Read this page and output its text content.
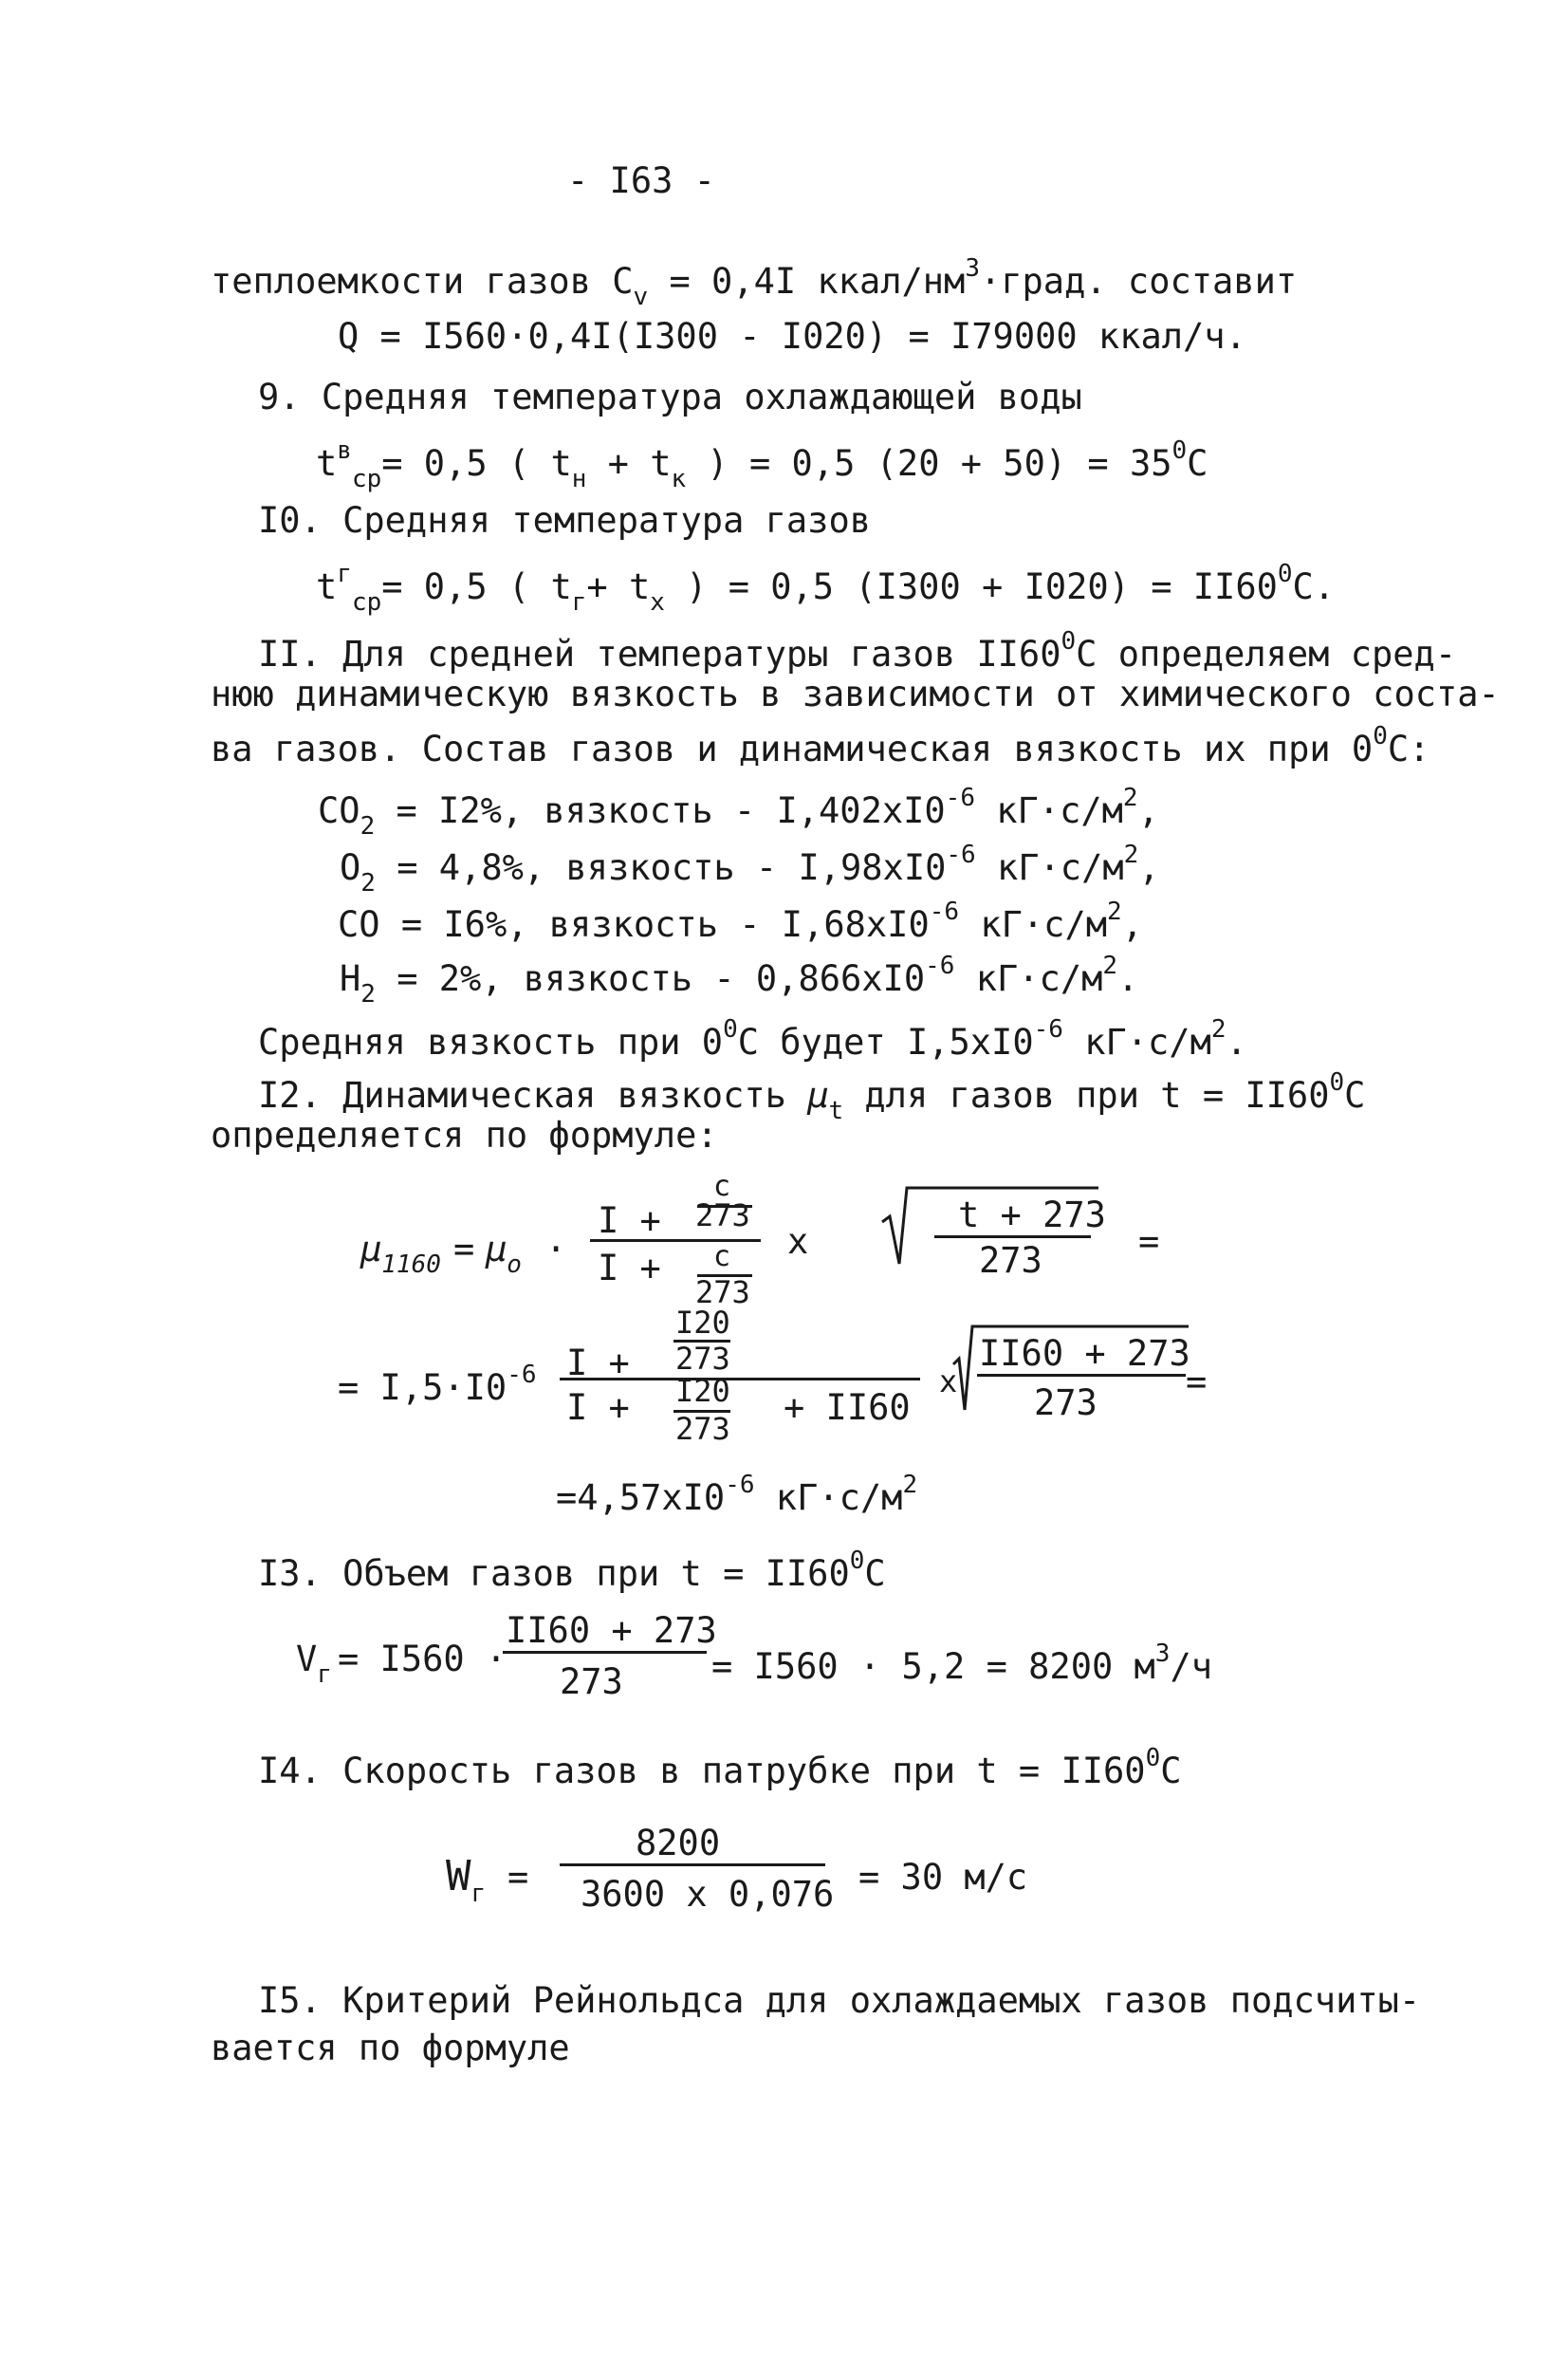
- I63 -
теплоемкости газов $С_v = 0,4I$ ккал/$нм^3\cdot град$. составит
Q = I560·0,4I(I300 - I020) = I79000 ккал/ч.
9. Средняя температура охлаждающей воды
$t^в_{ср}= 0,5$ ( $t_н + t_к$ ) = 0,5 $(20 + 50) = 35^0С$
I0. Средняя температура газов
$t^г_{ср}= 0,5$ ( $t_г+ t_х$ ) = 0,5 $(I300 + I020) = II60^0С$.
II. Для средней температуры газов $II60^0С$ определяем сред-
нюю динамическую вязкость в зависимости от химического соста-
ва газов. Состав газов и динамическая вязкость их при $0^0С$:
$СО_2 = I2\%$, вязкость - $I,402хI0^{-6}$ $кГ\cdot с/м^2$,
$О_2 = 4,8\%$, вязкость - $I,98хI0^{-6}$ $кГ\cdot с/м^2$,
СО = I6%, вязкость - $I,68хI0^{-6}$ $кГ\cdot с/м^2$,
$Н_2 = 2\%$, вязкость - $0,866хI0^{-6}$ $кГ\cdot с/м^2$.
Средняя вязкость при $0^0С$ будет $I,5хI0^{-6}$ $кГ\cdot с/м^2$.
I2. Динамическая вязкость $\mu_t$ для газов при $t = II60^0С$
определяется по формуле:
$\mu_{1160} = \mu_o$ ·
I +
с
273
I + с
273
х
t + 273
273	=
= $I,5\cdot I0^{-6}$ I +
I20
273
I + I20
273
+ II60
х
II60 + 273
273
=
$=4,57хI0^{-6}$ $кГ\cdot с/м^2$
I3. Объем газов при $t = II60^0С$
$V_г = I560$ ·
II60 + 273
273	= I560 · 5,2 = 8200 $м^3/ч$
I4. Скорость газов в патрубке при $t = II60^0С$
$W_г$ =
8200
3600 х 0,076 = 30 м/с
I5. Критерий Рейнольдса для охлаждаемых газов подсчиты-
вается по формуле
